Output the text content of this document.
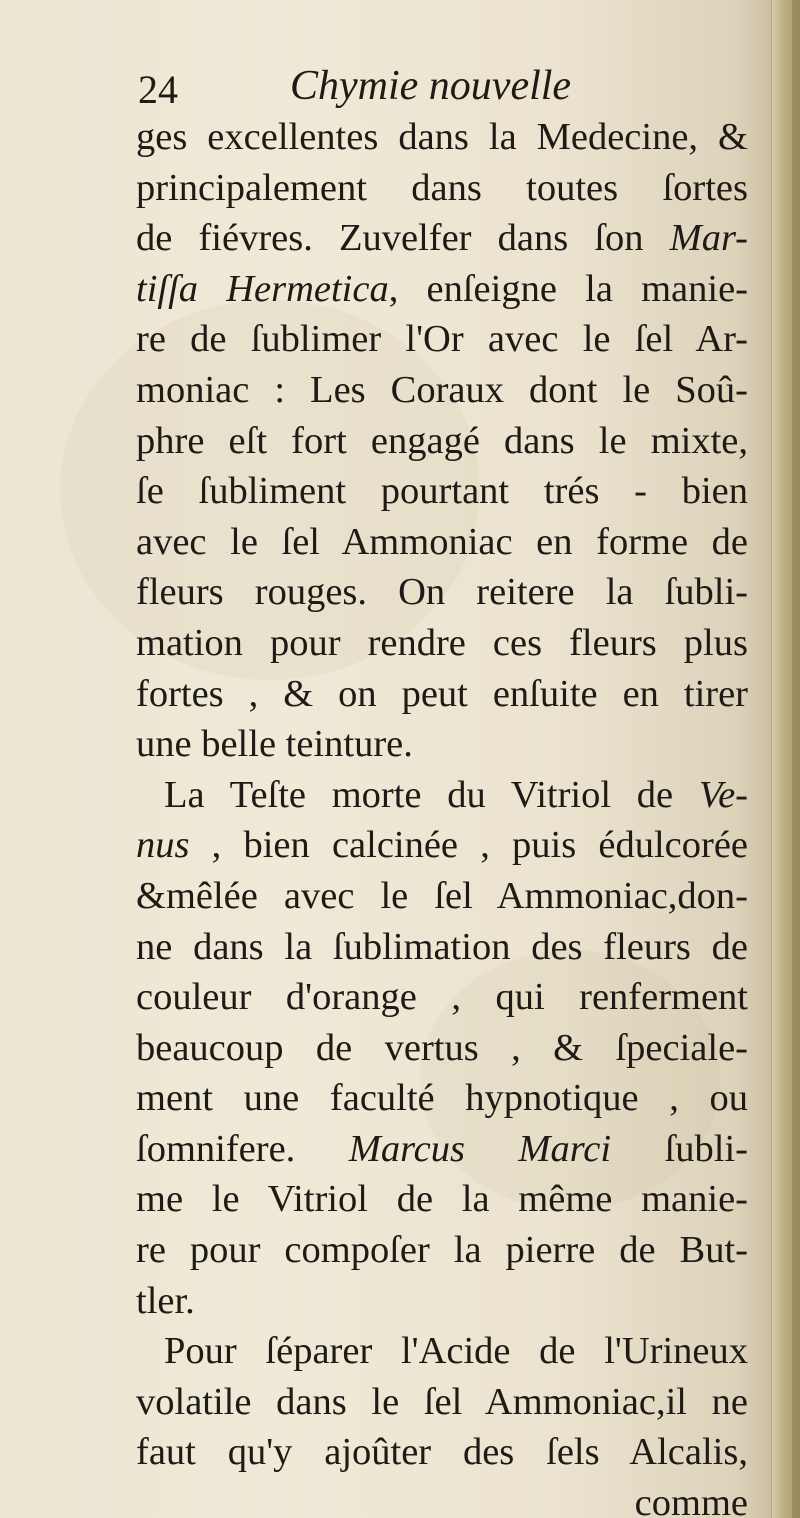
24	Chymie nouvelle
ges excellentes dans la Medecine, &
principalement dans toutes ſortes
de fiévres. Zuvelfer dans ſon Mar-
tiſſa Hermetica, enſeigne la manie-
re de ſublimer l'Or avec le ſel Ar-
moniac : Les Coraux dont le Soû-
phre eſt fort engagé dans le mixte,
ſe ſubliment pourtant trés - bien
avec le ſel Ammoniac en forme de
fleurs rouges. On reitere la ſubli-
mation pour rendre ces fleurs plus
fortes , & on peut enſuite en tirer
une belle teinture.
La Teſte morte du Vitriol de Ve-
nus , bien calcinée , puis édulcorée
&mêlée avec le ſel Ammoniac,don-
ne dans la ſublimation des fleurs de
couleur d'orange , qui renferment
beaucoup de vertus , & ſpeciale-
ment une faculté hypnotique , ou
ſomnifere. Marcus Marci ſubli-
me le Vitriol de la même manie-
re pour compoſer la pierre de But-
tler.
Pour ſéparer l'Acide de l'Urineux
volatile dans le ſel Ammoniac,il ne
faut qu'y ajoûter des ſels Alcalis,
comme
